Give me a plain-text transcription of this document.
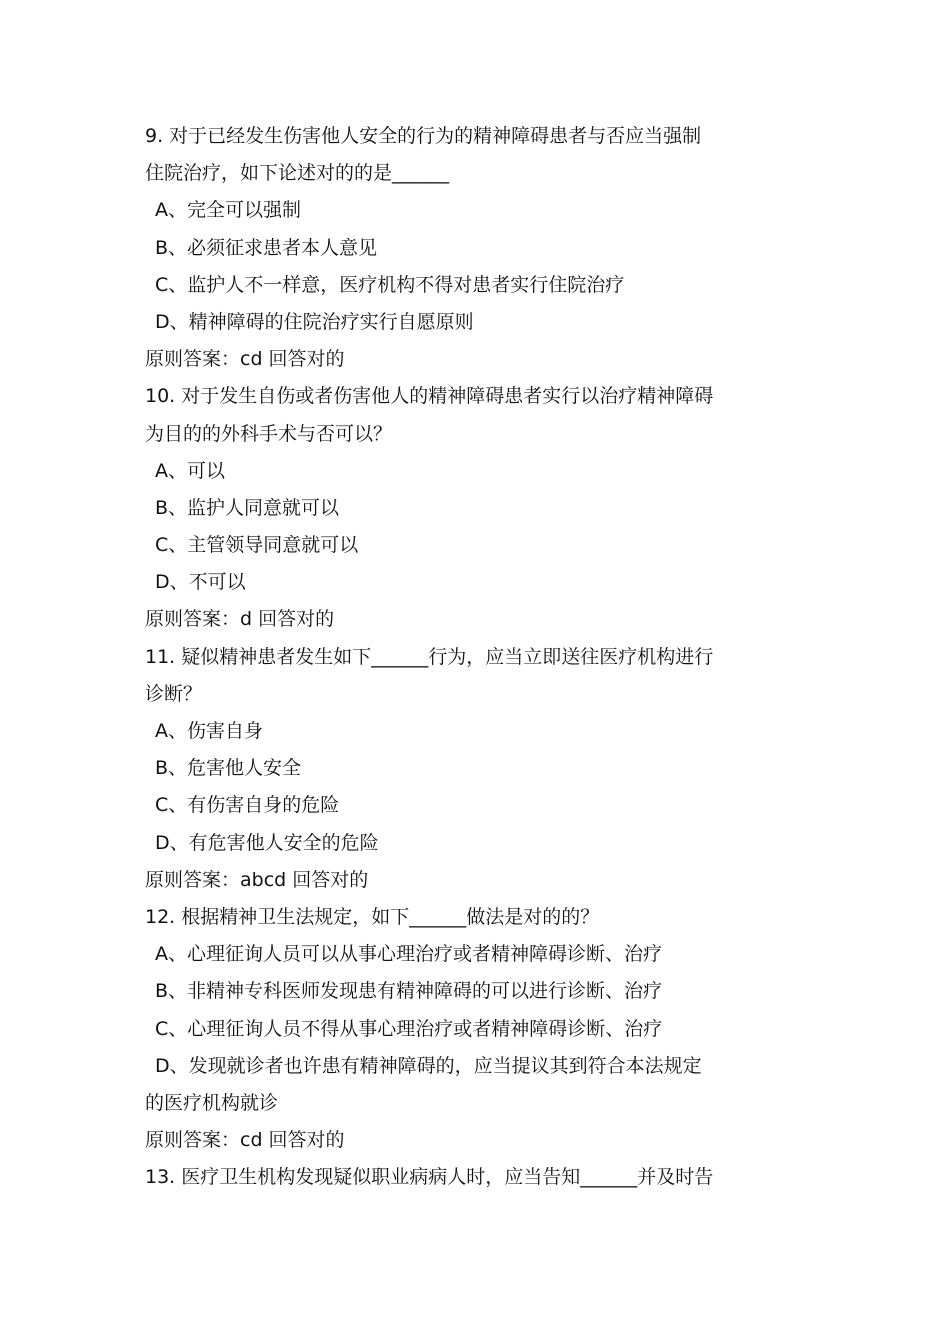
9. 对于已经发生伤害他人安全的行为的精神障碍患者与否应当强制
住院治疗，如下论述对的的是______
A、完全可以强制
B、必须征求患者本人意见
C、监护人不一样意，医疗机构不得对患者实行住院治疗
D、精神障碍的住院治疗实行自愿原则
原则答案：cd 回答对的
10. 对于发生自伤或者伤害他人的精神障碍患者实行以治疗精神障碍
为目的的外科手术与否可以？
A、可以
B、监护人同意就可以
C、主管领导同意就可以
D、不可以
原则答案：d 回答对的
11. 疑似精神患者发生如下______行为，应当立即送往医疗机构进行
诊断？
A、伤害自身
B、危害他人安全
C、有伤害自身的危险
D、有危害他人安全的危险
原则答案：abcd 回答对的
12. 根据精神卫生法规定，如下______做法是对的的？
A、心理征询人员可以从事心理治疗或者精神障碍诊断、治疗
B、非精神专科医师发现患有精神障碍的可以进行诊断、治疗
C、心理征询人员不得从事心理治疗或者精神障碍诊断、治疗
D、发现就诊者也许患有精神障碍的，应当提议其到符合本法规定
的医疗机构就诊
原则答案：cd 回答对的
13. 医疗卫生机构发现疑似职业病病人时，应当告知______并及时告
